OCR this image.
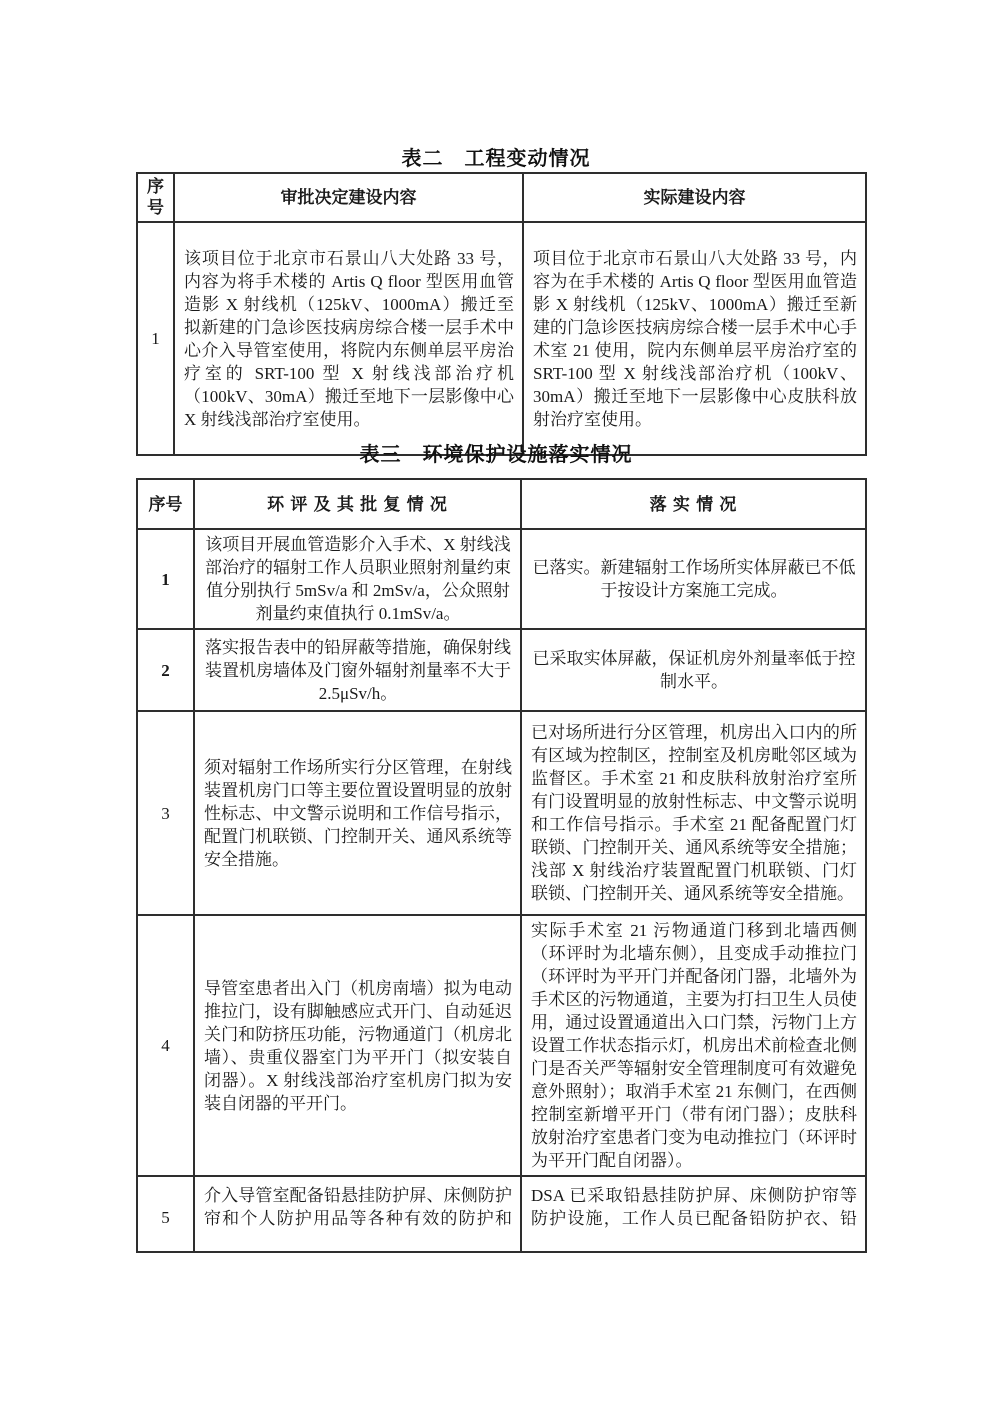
表二　工程变动情况
序号	审批决定建设内容	实际建设内容
1	该项目位于北京市石景山八大处路 33 号，内容为将手术楼的 Artis Q floor 型医用血管造影 X 射线机（125kV、1000mA）搬迁至拟新建的门急诊医技病房综合楼一层手术中心介入导管室使用，将院内东侧单层平房治疗室的 SRT-100 型 X 射线浅部治疗机（100kV、30mA）搬迁至地下一层影像中心 X 射线浅部治疗室使用。	项目位于北京市石景山八大处路 33 号，内容为在手术楼的 Artis Q floor 型医用血管造影 X 射线机（125kV、1000mA）搬迁至新建的门急诊医技病房综合楼一层手术中心手术室 21 使用，院内东侧单层平房治疗室的 SRT-100 型 X 射线浅部治疗机（100kV、30mA）搬迁至地下一层影像中心皮肤科放射治疗室使用。
表三　环境保护设施落实情况
序号	环 评 及 其 批 复 情 况	落 实 情 况
1	该项目开展血管造影介入手术、X 射线浅部治疗的辐射工作人员职业照射剂量约束值分别执行 5mSv/a 和 2mSv/a，公众照射剂量约束值执行 0.1mSv/a。	已落实。新建辐射工作场所实体屏蔽已不低于按设计方案施工完成。
2	落实报告表中的铅屏蔽等措施，确保射线装置机房墙体及门窗外辐射剂量率不大于 2.5μSv/h。	已采取实体屏蔽，保证机房外剂量率低于控制水平。
3	须对辐射工作场所实行分区管理，在射线装置机房门口等主要位置设置明显的放射性标志、中文警示说明和工作信号指示，配置门机联锁、门控制开关、通风系统等安全措施。	已对场所进行分区管理，机房出入口内的所有区域为控制区，控制室及机房毗邻区域为监督区。手术室 21 和皮肤科放射治疗室所有门设置明显的放射性标志、中文警示说明和工作信号指示。手术室 21 配备配置门灯联锁、门控制开关、通风系统等安全措施；浅部 X 射线治疗装置配置门机联锁、门灯联锁、门控制开关、通风系统等安全措施。
4	导管室患者出入门（机房南墙）拟为电动推拉门，设有脚触感应式开门、自动延迟关门和防挤压功能，污物通道门（机房北墙）、贵重仪器室门为平开门（拟安装自闭器）。X 射线浅部治疗室机房门拟为安装自闭器的平开门。	实际手术室 21 污物通道门移到北墙西侧（环评时为北墙东侧），且变成手动推拉门（环评时为平开门并配备闭门器，北墙外为手术区的污物通道，主要为打扫卫生人员使用，通过设置通道出入口门禁，污物门上方设置工作状态指示灯，机房出术前检查北侧门是否关严等辐射安全管理制度可有效避免意外照射）；取消手术室 21 东侧门，在西侧控制室新增平开门（带有闭门器）；皮肤科放射治疗室患者门变为电动推拉门（环评时为平开门配自闭器）。
5	介入导管室配备铅悬挂防护屏、床侧防护帘和个人防护用品等各种有效的防护和	DSA 已采取铅悬挂防护屏、床侧防护帘等防护设施，工作人员已配备铅防护衣、铅
